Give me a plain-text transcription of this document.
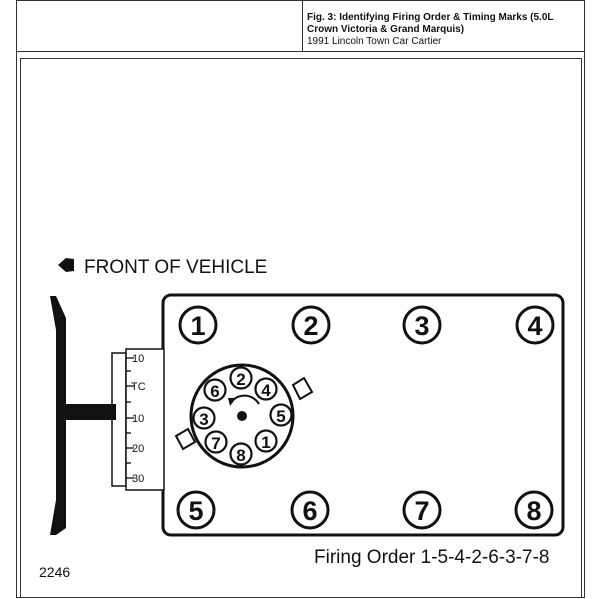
Fig. 3: Identifying Firing Order & Timing Marks (5.0L Crown Victoria & Grand Marquis)
1991 Lincoln Town Car Cartier
FRONT OF VEHICLE
10
TC
10
20
30
1	2	3	4
5	6	7	8
1
5
4
2
6
3
7
8
Firing Order 1-5-4-2-6-3-7-8
2246
